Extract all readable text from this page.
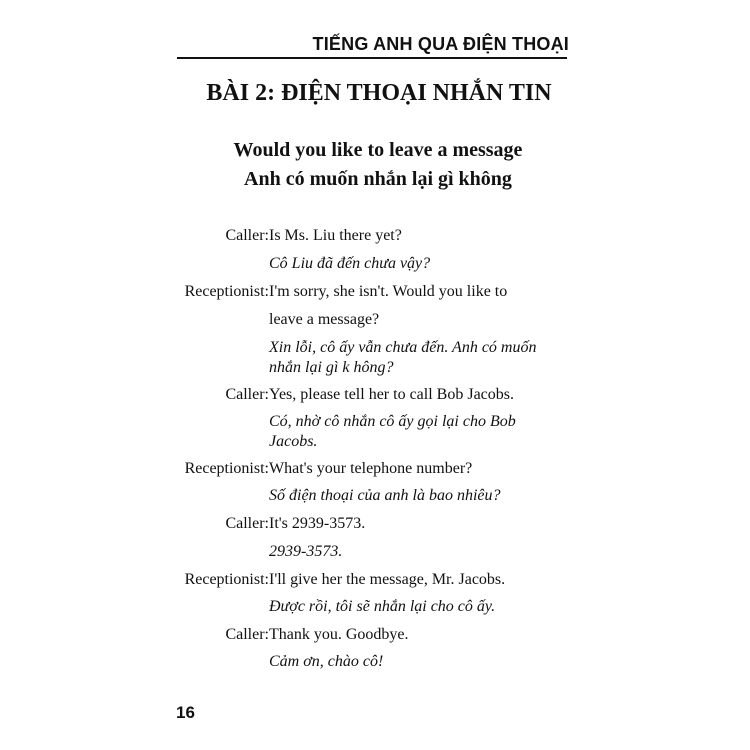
TIẾNG ANH QUA ĐIỆN THOẠI
BÀI 2: ĐIỆN THOẠI NHẮN TIN
Would you like to leave a message
Anh có muốn nhắn lại gì không
Caller: Is Ms. Liu there yet?
Cô Liu đã đến chưa vậy?
Receptionist: I'm sorry, she isn't. Would you like to
leave a message?
Xin lỗi, cô ấy vẫn chưa đến. Anh có muốn
nhắn lại gì k hông?
Caller: Yes, please tell her to call Bob Jacobs.
Có, nhờ cô nhắn cô ấy gọi lại cho Bob
Jacobs.
Receptionist: What's your telephone number?
Số điện thoại của anh là bao nhiêu?
Caller: It's 2939-3573.
2939-3573.
Receptionist: I'll give her the message, Mr. Jacobs.
Được rồi, tôi sẽ nhắn lại cho cô ấy.
Caller: Thank you. Goodbye.
Cảm ơn, chào cô!
16
